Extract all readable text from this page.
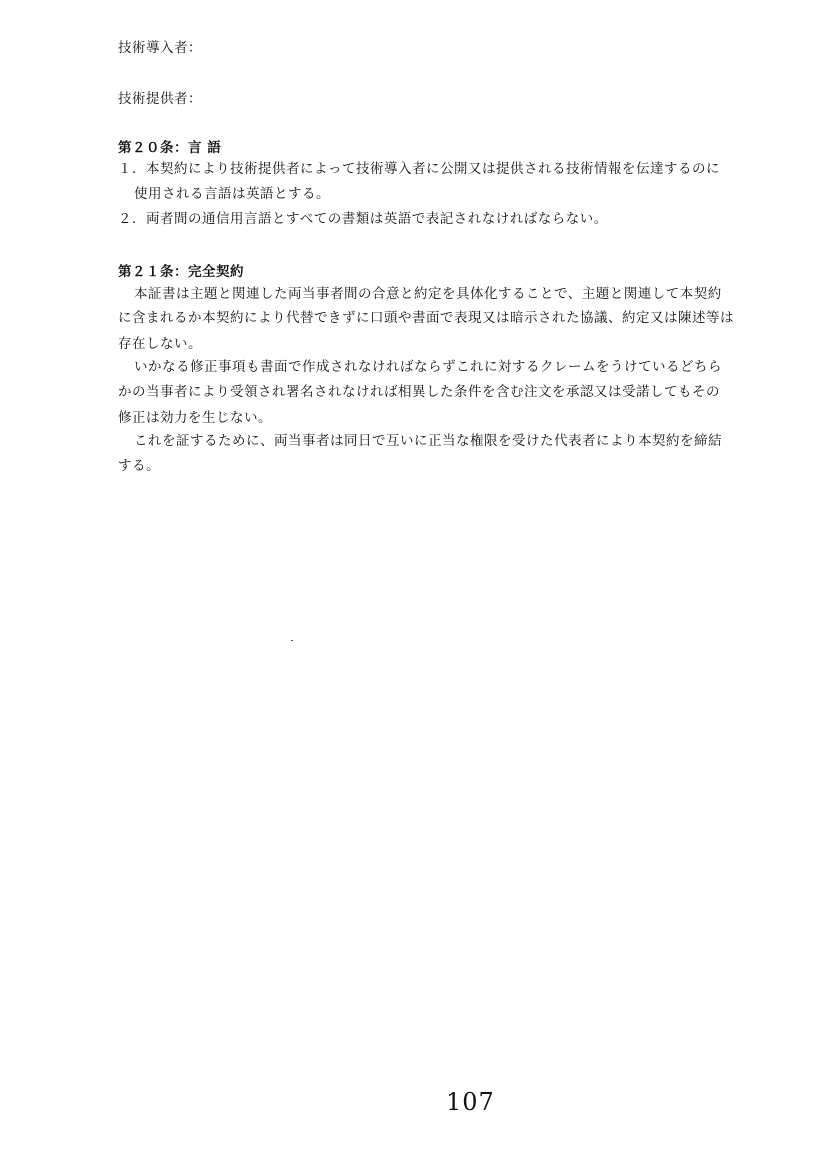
技術導入者：
技術提供者：
第２０条：言 語
１．本契約により技術提供者によって技術導入者に公開又は提供される技術情報を伝達するのに
使用される言語は英語とする。
２．両者間の通信用言語とすべての書類は英語で表記されなければならない。
第２１条：完全契約
本証書は主題と関連した両当事者間の合意と約定を具体化することで、主題と関連して本契約
に含まれるか本契約により代替できずに口頭や書面で表現又は暗示された協議、約定又は陳述等は
存在しない。
いかなる修正事項も書面で作成されなければならずこれに対するクレームをうけているどちら
かの当事者により受領され署名されなければ相異した条件を含む注文を承認又は受諾してもその
修正は効力を生じない。
これを証するために、両当事者は同日で互いに正当な権限を受けた代表者により本契約を締結
する。
107
